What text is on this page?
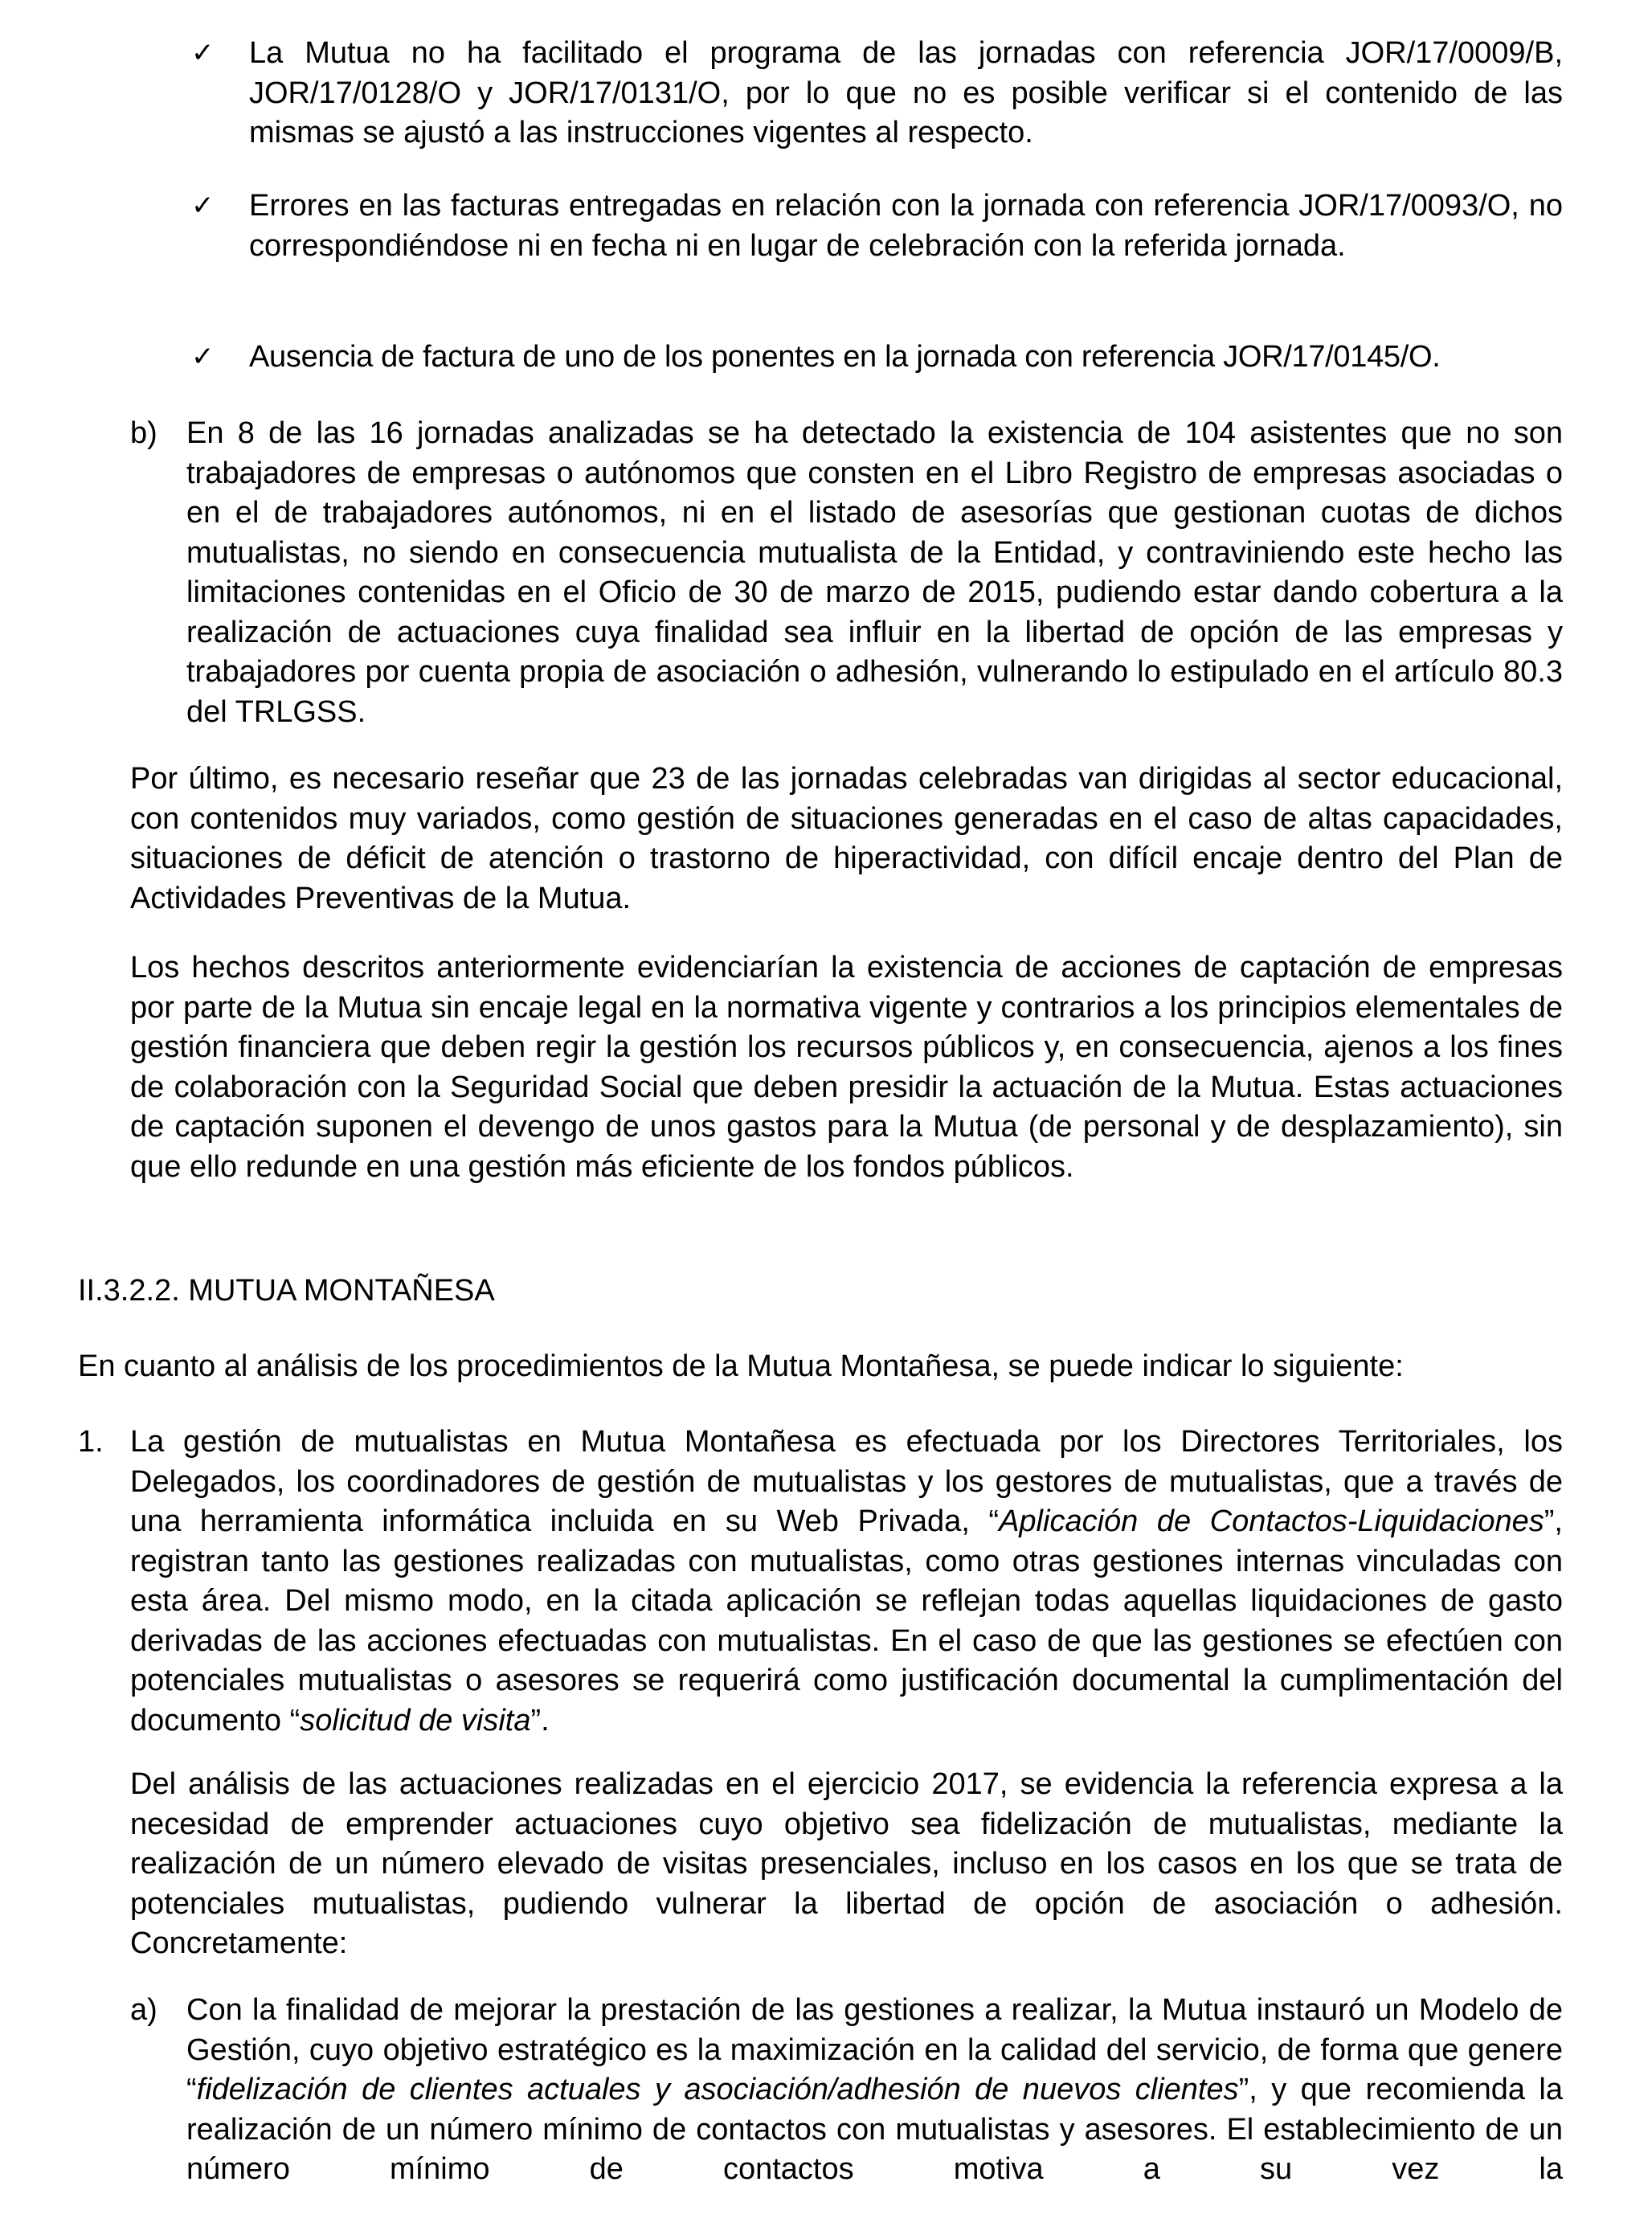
✓ La Mutua no ha facilitado el programa de las jornadas con referencia JOR/17/0009/B, JOR/17/0128/O y JOR/17/0131/O, por lo que no es posible verificar si el contenido de las mismas se ajustó a las instrucciones vigentes al respecto.
✓ Errores en las facturas entregadas en relación con la jornada con referencia JOR/17/0093/O, no correspondiéndose ni en fecha ni en lugar de celebración con la referida jornada.
✓ Ausencia de factura de uno de los ponentes en la jornada con referencia JOR/17/0145/O.
b) En 8 de las 16 jornadas analizadas se ha detectado la existencia de 104 asistentes que no son trabajadores de empresas o autónomos que consten en el Libro Registro de empresas asociadas o en el de trabajadores autónomos, ni en el listado de asesorías que gestionan cuotas de dichos mutualistas, no siendo en consecuencia mutualista de la Entidad, y contraviniendo este hecho las limitaciones contenidas en el Oficio de 30 de marzo de 2015, pudiendo estar dando cobertura a la realización de actuaciones cuya finalidad sea influir en la libertad de opción de las empresas y trabajadores por cuenta propia de asociación o adhesión, vulnerando lo estipulado en el artículo 80.3 del TRLGSS.
Por último, es necesario reseñar que 23 de las jornadas celebradas van dirigidas al sector educacional, con contenidos muy variados, como gestión de situaciones generadas en el caso de altas capacidades, situaciones de déficit de atención o trastorno de hiperactividad, con difícil encaje dentro del Plan de Actividades Preventivas de la Mutua.
Los hechos descritos anteriormente evidenciarían la existencia de acciones de captación de empresas por parte de la Mutua sin encaje legal en la normativa vigente y contrarios a los principios elementales de gestión financiera que deben regir la gestión los recursos públicos y, en consecuencia, ajenos a los fines de colaboración con la Seguridad Social que deben presidir la actuación de la Mutua. Estas actuaciones de captación suponen el devengo de unos gastos para la Mutua (de personal y de desplazamiento), sin que ello redunde en una gestión más eficiente de los fondos públicos.
II.3.2.2. MUTUA MONTAÑESA
En cuanto al análisis de los procedimientos de la Mutua Montañesa, se puede indicar lo siguiente:
1. La gestión de mutualistas en Mutua Montañesa es efectuada por los Directores Territoriales, los Delegados, los coordinadores de gestión de mutualistas y los gestores de mutualistas, que a través de una herramienta informática incluida en su Web Privada, “Aplicación de Contactos-Liquidaciones”, registran tanto las gestiones realizadas con mutualistas, como otras gestiones internas vinculadas con esta área. Del mismo modo, en la citada aplicación se reflejan todas aquellas liquidaciones de gasto derivadas de las acciones efectuadas con mutualistas. En el caso de que las gestiones se efectúen con potenciales mutualistas o asesores se requerirá como justificación documental la cumplimentación del documento “solicitud de visita”.
Del análisis de las actuaciones realizadas en el ejercicio 2017, se evidencia la referencia expresa a la necesidad de emprender actuaciones cuyo objetivo sea fidelización de mutualistas, mediante la realización de un número elevado de visitas presenciales, incluso en los casos en los que se trata de potenciales mutualistas, pudiendo vulnerar la libertad de opción de asociación o adhesión. Concretamente:
a) Con la finalidad de mejorar la prestación de las gestiones a realizar, la Mutua instauró un Modelo de Gestión, cuyo objetivo estratégico es la maximización en la calidad del servicio, de forma que genere “fidelización de clientes actuales y asociación/adhesión de nuevos clientes”, y que recomienda la realización de un número mínimo de contactos con mutualistas y asesores. El establecimiento de un número mínimo de contactos motiva a su vez la
